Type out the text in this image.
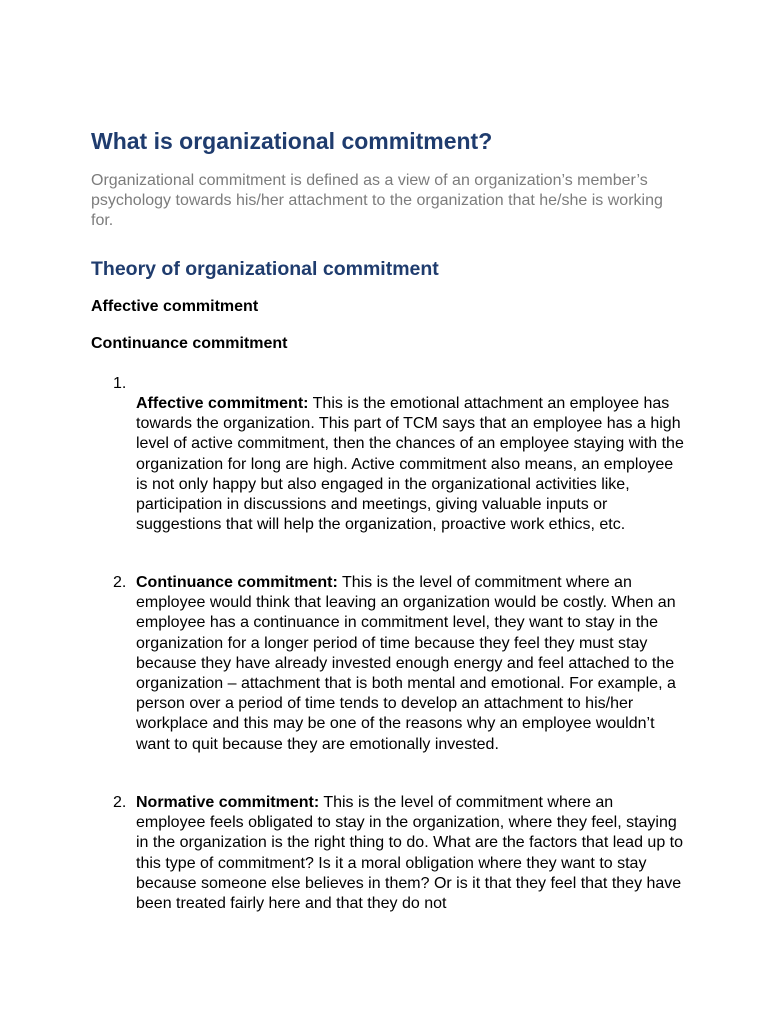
What is organizational commitment?

Organizational commitment is defined as a view of an organization’s member’s psychology towards his/her attachment to the organization that he/she is working for.

Theory of organizational commitment

Affective commitment

Continuance commitment

1.

Affective commitment: This is the emotional attachment an employee has towards the organization. This part of TCM says that an employee has a high level of active commitment, then the chances of an employee staying with the organization for long are high. Active commitment also means, an employee is not only happy but also engaged in the organizational activities like, participation in discussions and meetings, giving valuable inputs or suggestions that will help the organization, proactive work ethics, etc.

2. Continuance commitment: This is the level of commitment where an employee would think that leaving an organization would be costly. When an employee has a continuance in commitment level, they want to stay in the organization for a longer period of time because they feel they must stay because they have already invested enough energy and feel attached to the organization – attachment that is both mental and emotional. For example, a person over a period of time tends to develop an attachment to his/her workplace and this may be one of the reasons why an employee wouldn’t want to quit because they are emotionally invested.

2. Normative commitment: This is the level of commitment where an employee feels obligated to stay in the organization, where they feel, staying in the organization is the right thing to do. What are the factors that lead up to this type of commitment? Is it a moral obligation where they want to stay because someone else believes in them? Or is it that they feel that they have been treated fairly here and that they do not
